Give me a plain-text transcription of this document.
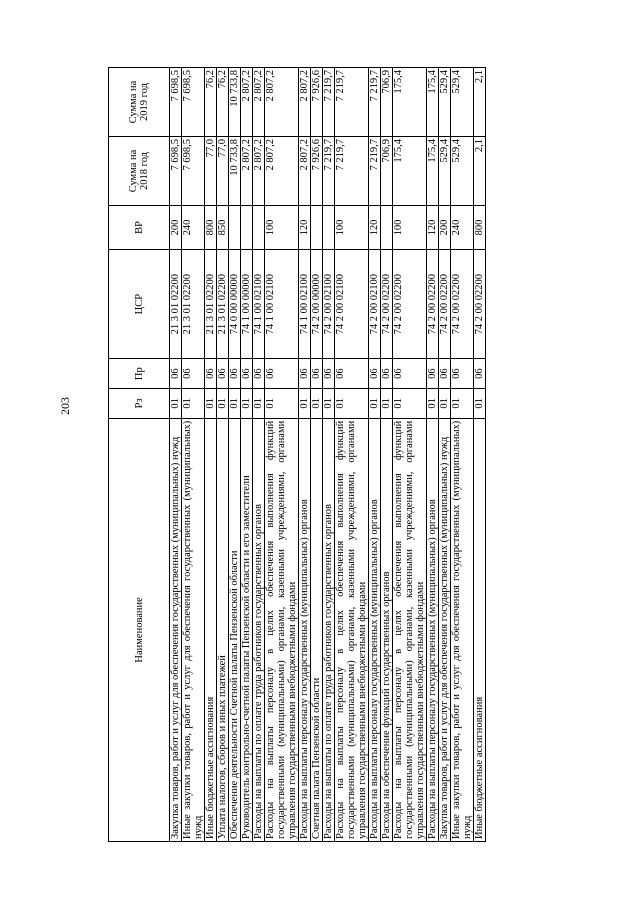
203
Наименование	Рз	Пр	ЦСР	ВР	Сумма на 2018 год	Сумма на 2019 год
Закупка товаров, работ и услуг для обеспечения государственных (муниципальных) нужд	01	06	21 3 01 02200	200	7 698,5	7 698,5
Иные закупки товаров, работ и услуг для обеспечения государственных (муниципальных) нужд	01	06	21 3 01 02200	240	7 698,5	7 698,5
Иные бюджетные ассигнования	01	06	21 3 01 02200	800	77,0	76,2
Уплата налогов, сборов и иных платежей	01	06	21 3 01 02200	850	77,0	76,2
Обеспечение деятельности Счетной палаты Пензенской области	01	06	74 0 00 00000		10 733,8	10 733,8
Руководитель контрольно-счетной палаты Пензенской области и его заместители	01	06	74 1 00 00000		2 807,2	2 807,2
Расходы на выплаты по оплате труда работников государственных органов	01	06	74 1 00 02100		2 807,2	2 807,2
Расходы на выплаты персоналу в целях обеспечения выполнения функций государственными (муниципальными) органами, казенными учреждениями, органами управления государственными внебюджетными фондами	01	06	74 1 00 02100	100	2 807,2	2 807,2
Расходы на выплаты персоналу государственных (муниципальных) органов	01	06	74 1 00 02100	120	2 807,2	2 807,2
Счетная палата Пензенской области	01	06	74 2 00 00000		7 926,6	7 926,6
Расходы на выплаты по оплате труда работников государственных органов	01	06	74 2 00 02100		7 219,7	7 219,7
Расходы на выплаты персоналу в целях обеспечения выполнения функций государственными (муниципальными) органами, казенными учреждениями, органами управления государственными внебюджетными фондами	01	06	74 2 00 02100	100	7 219,7	7 219,7
Расходы на выплаты персоналу государственных (муниципальных) органов	01	06	74 2 00 02100	120	7 219,7	7 219,7
Расходы на обеспечение функций государственных органов	01	06	74 2 00 02200		706,9	706,9
Расходы на выплаты персоналу в целях обеспечения выполнения функций государственными (муниципальными) органами, казенными учреждениями, органами управления государственными внебюджетными фондами	01	06	74 2 00 02200	100	175,4	175,4
Расходы на выплаты персоналу государственных (муниципальных) органов	01	06	74 2 00 02200	120	175,4	175,4
Закупка товаров, работ и услуг для обеспечения государственных (муниципальных) нужд	01	06	74 2 00 02200	200	529,4	529,4
Иные закупки товаров, работ и услуг для обеспечения государственных (муниципальных) нужд	01	06	74 2 00 02200	240	529,4	529,4
Иные бюджетные ассигнования	01	06	74 2 00 02200	800	2,1	2,1
